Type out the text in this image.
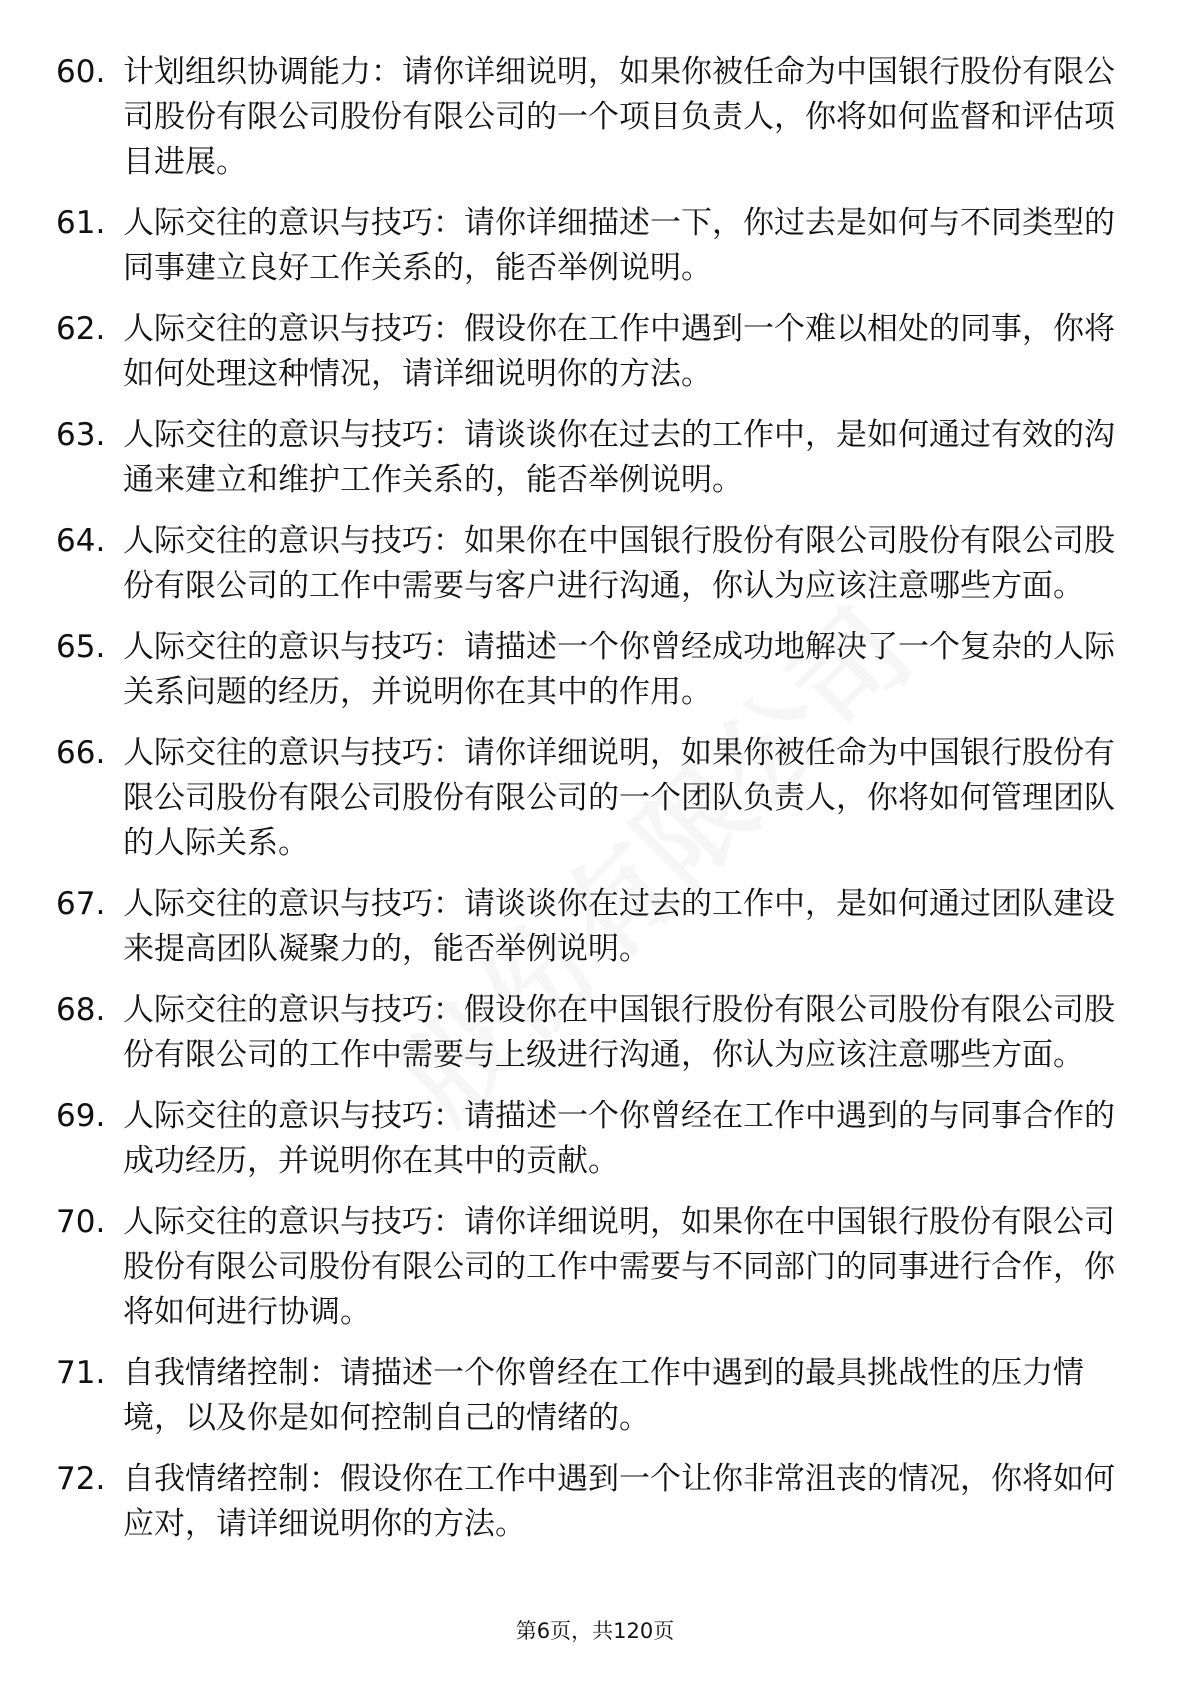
60. 计划组织协调能力：请你详细说明，如果你被任命为中国银行股份有限公司股份有限公司股份有限公司的一个项目负责人，你将如何监督和评估项目进展。
61. 人际交往的意识与技巧：请你详细描述一下，你过去是如何与不同类型的同事建立良好工作关系的，能否举例说明。
62. 人际交往的意识与技巧：假设你在工作中遇到一个难以相处的同事，你将如何处理这种情况，请详细说明你的方法。
63. 人际交往的意识与技巧：请谈谈你在过去的工作中，是如何通过有效的沟通来建立和维护工作关系的，能否举例说明。
64. 人际交往的意识与技巧：如果你在中国银行股份有限公司股份有限公司股份有限公司的工作中需要与客户进行沟通，你认为应该注意哪些方面。
65. 人际交往的意识与技巧：请描述一个你曾经成功地解决了一个复杂的人际关系问题的经历，并说明你在其中的作用。
66. 人际交往的意识与技巧：请你详细说明，如果你被任命为中国银行股份有限公司股份有限公司股份有限公司的一个团队负责人，你将如何管理团队的人际关系。
67. 人际交往的意识与技巧：请谈谈你在过去的工作中，是如何通过团队建设来提高团队凝聚力的，能否举例说明。
68. 人际交往的意识与技巧：假设你在中国银行股份有限公司股份有限公司股份有限公司的工作中需要与上级进行沟通，你认为应该注意哪些方面。
69. 人际交往的意识与技巧：请描述一个你曾经在工作中遇到的与同事合作的成功经历，并说明你在其中的贡献。
70. 人际交往的意识与技巧：请你详细说明，如果你在中国银行股份有限公司股份有限公司股份有限公司的工作中需要与不同部门的同事进行合作，你将如何进行协调。
71. 自我情绪控制：请描述一个你曾经在工作中遇到的最具挑战性的压力情境，以及你是如何控制自己的情绪的。
72. 自我情绪控制：假设你在工作中遇到一个让你非常沮丧的情况，你将如何应对，请详细说明你的方法。
第6页，共120页
